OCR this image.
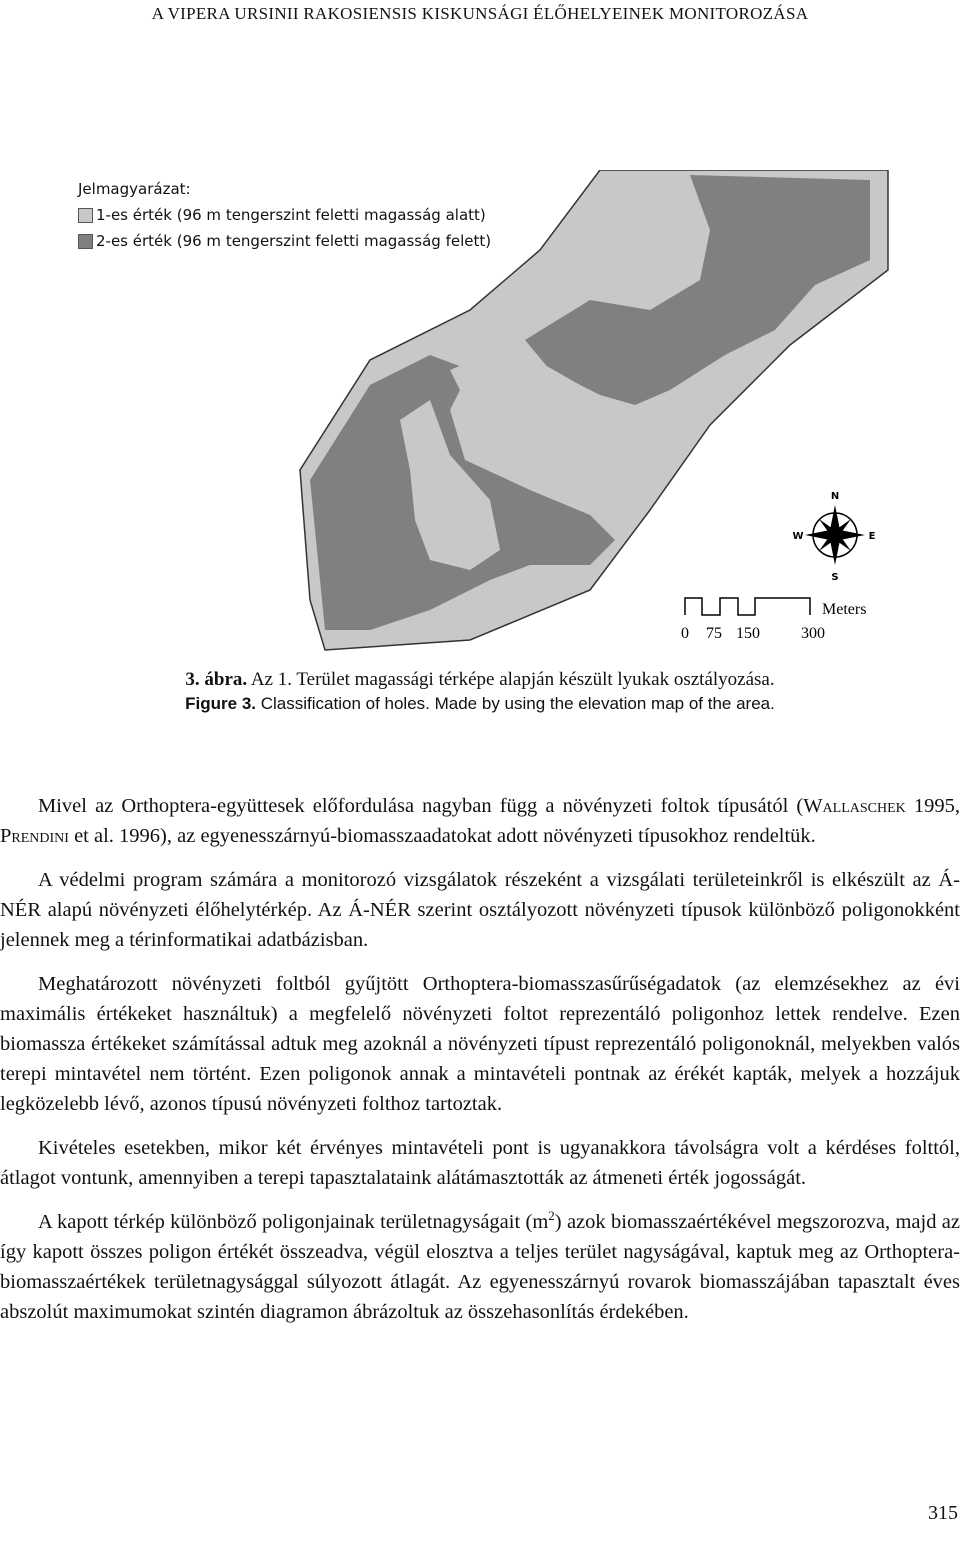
A VIPERA URSINII RAKOSIENSIS KISKUNSÁGI ÉLŐHELYEINEK MONITOROZÁSA
N
S
E
W
Meters
0 75 150	300
Jelmagyarázat:
1-es érték (96 m tengerszint feletti magasság alatt)
2-es érték (96 m tengerszint feletti magasság felett)
3. ábra. Az 1. Terület magassági térképe alapján készült lyukak osztályozása.
Figure 3. Classification of holes. Made by using the elevation map of the area.

Mivel az Orthoptera-együttesek előfordulása nagyban függ a növényzeti foltok típusától (Wallaschek 1995, Prendini et al. 1996), az egyenesszárnyú-biomasszaadatokat adott növényzeti típusokhoz rendeltük.

A védelmi program számára a monitorozó vizsgálatok részeként a vizsgálati területeinkről is elkészült az Á-NÉR alapú növényzeti élőhelytérkép. Az Á-NÉR szerint osztályozott növényzeti típusok különböző poligonokként jelennek meg a térinformatikai adatbázisban.

Meghatározott növényzeti foltból gyűjtött Orthoptera-biomasszasűrűségadatok (az elemzésekhez az évi maximális értékeket használtuk) a megfelelő növényzeti foltot reprezentáló poligonhoz lettek rendelve. Ezen biomassza értékeket számítással adtuk meg azoknál a növényzeti típust reprezentáló poligonoknál, melyekben valós terepi mintavétel nem történt. Ezen poligonok annak a mintavételi pontnak az érékét kapták, melyek a hozzájuk legközelebb lévő, azonos típusú növényzeti folthoz tartoztak.

Kivételes esetekben, mikor két érvényes mintavételi pont is ugyanakkora távolságra volt a kérdéses folttól, átlagot vontunk, amennyiben a terepi tapasztalataink alátámasztották az átmeneti érték jogosságát.

A kapott térkép különböző poligonjainak területnagyságait $(m^2)$ azok biomasszaértékével megszorozva, majd az így kapott összes poligon értékét összeadva, végül elosztva a teljes terület nagyságával, kaptuk meg az Orthoptera-biomasszaértékek területnagysággal súlyozott átlagát. Az egyenesszárnyú rovarok biomasszájában tapasztalt éves abszolút maximumokat szintén diagramon ábrázoltuk az összehasonlítás érdekében.

315
